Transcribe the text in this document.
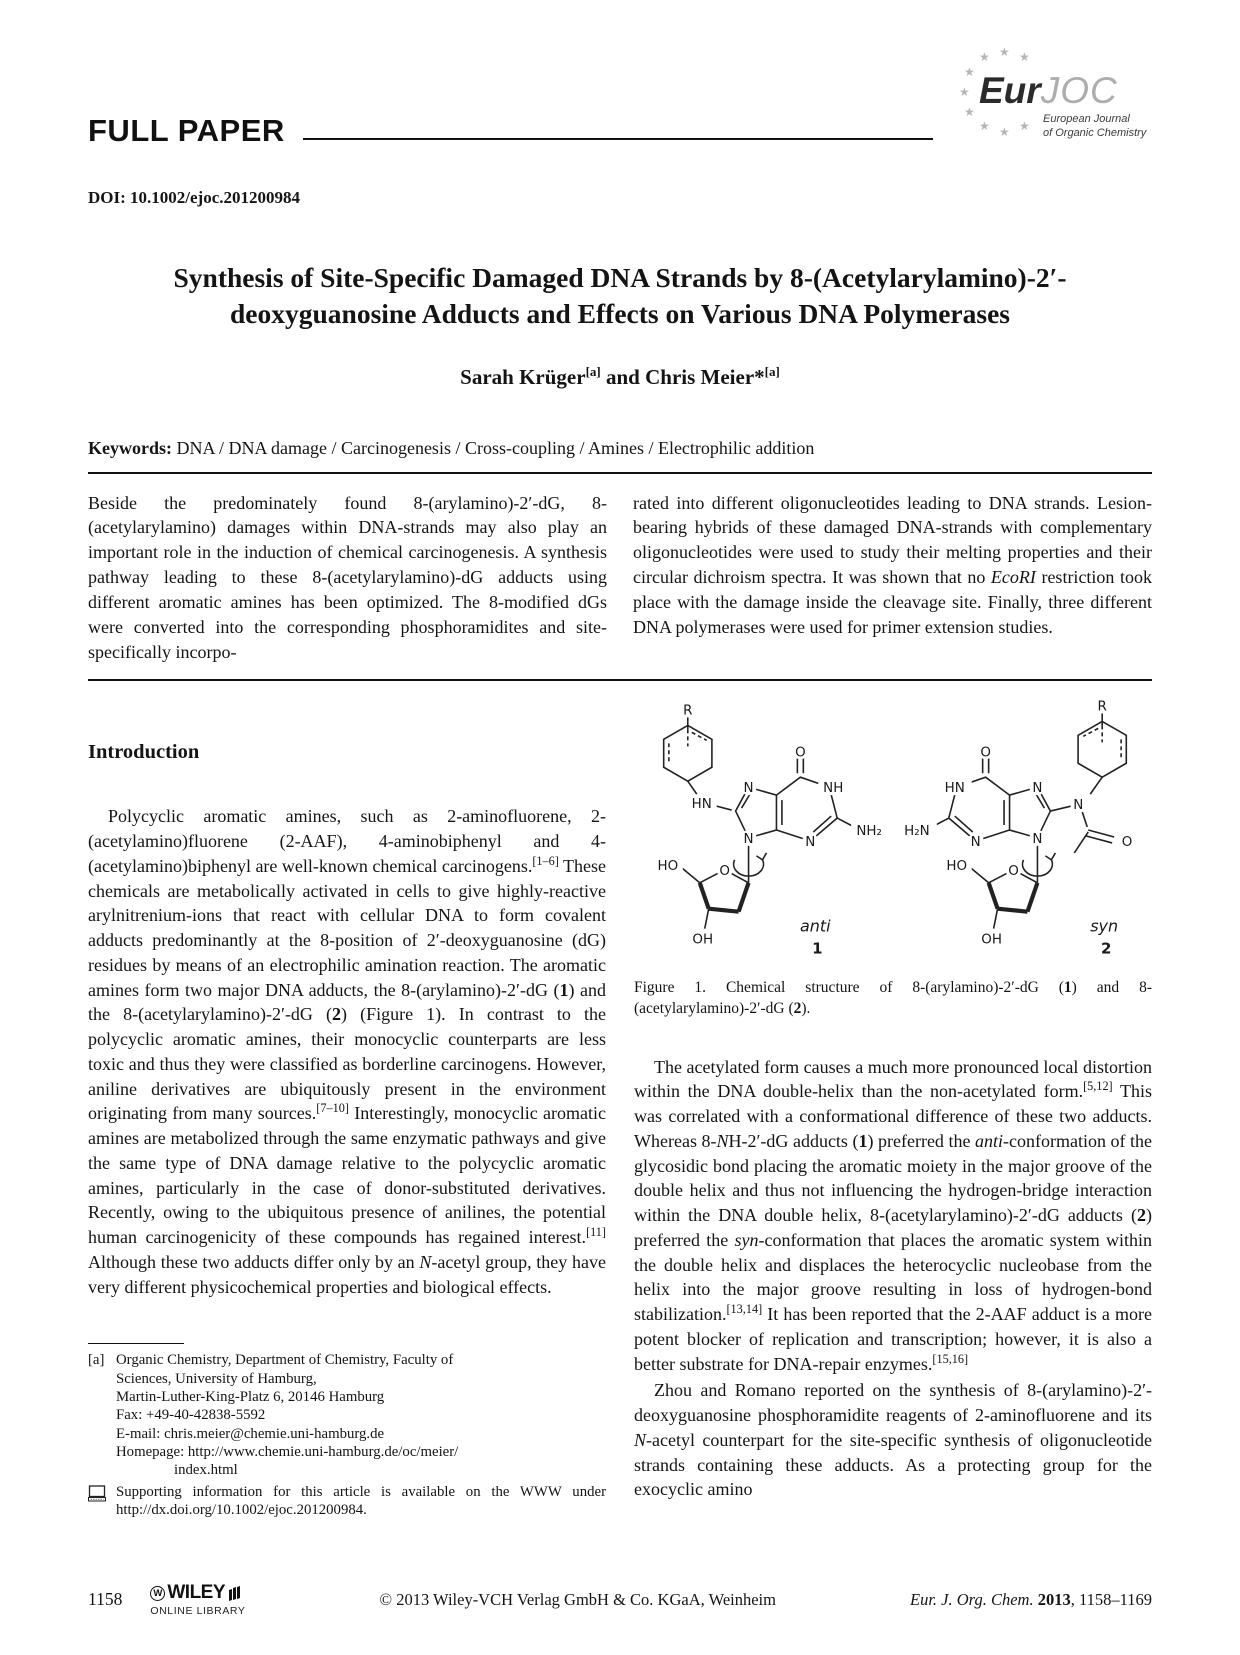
FULL PAPER
★
★
★
★
★
★
★ ★ ★
EurJOC
European Journal
of Organic Chemistry
DOI: 10.1002/ejoc.201200984
Synthesis of Site-Specific Damaged DNA Strands by 8-(Acetylarylamino)-2′-deoxyguanosine Adducts and Effects on Various DNA Polymerases
Sarah Krüger[a] and Chris Meier*[a]
Keywords: DNA / DNA damage / Carcinogenesis / Cross-coupling / Amines / Electrophilic addition
Beside the predominately found 8-(arylamino)-2′-dG, 8-(acetylarylamino) damages within DNA-strands may also play an important role in the induction of chemical carcinogenesis. A synthesis pathway leading to these 8-(acetylarylamino)-dG adducts using different aromatic amines has been optimized. The 8-modified dGs were converted into the corresponding phosphoramidites and site-specifically incorpo-
rated into different oligonucleotides leading to DNA strands. Lesion-bearing hybrids of these damaged DNA-strands with complementary oligonucleotides were used to study their melting properties and their circular dichroism spectra. It was shown that no EcoRI restriction took place with the damage inside the cleavage site. Finally, three different DNA polymerases were used for primer extension studies.
Introduction
Polycyclic aromatic amines, such as 2-aminofluorene, 2-(acetylamino)fluorene (2-AAF), 4-aminobiphenyl and 4-(acetylamino)biphenyl are well-known chemical carcinogens.[1–6] These chemicals are metabolically activated in cells to give highly-reactive arylnitrenium-ions that react with cellular DNA to form covalent adducts predominantly at the 8-position of 2′-deoxyguanosine (dG) residues by means of an electrophilic amination reaction. The aromatic amines form two major DNA adducts, the 8-(arylamino)-2′-dG (1) and the 8-(acetylarylamino)-2′-dG (2) (Figure 1). In contrast to the polycyclic aromatic amines, their monocyclic counterparts are less toxic and thus they were classified as borderline carcinogens. However, aniline derivatives are ubiquitously present in the environment originating from many sources.[7–10] Interestingly, monocyclic aromatic amines are metabolized through the same enzymatic pathways and give the same type of DNA damage relative to the polycyclic aromatic amines, particularly in the case of donor-substituted derivatives. Recently, owing to the ubiquitous presence of anilines, the potential human carcinogenicity of these compounds has regained interest.[11] Although these two adducts differ only by an N-acetyl group, they have very different physicochemical properties and biological effects.
[a] Organic Chemistry, Department of Chemistry, Faculty of
Sciences, University of Hamburg,
Martin-Luther-King-Platz 6, 20146 Hamburg
Fax: +49-40-42838-5592
E-mail: chris.meier@chemie.uni-hamburg.de
Homepage: http://www.chemie.uni-hamburg.de/oc/meier/
index.html
Supporting information for this article is available on the WWW under http://dx.doi.org/10.1002/ejoc.201200984.
R
HN
N
N
O
NH
NH₂
N
HO	O
OH
anti
1
R
N
N
N
O
HN
H₂N
N	O
HO	O
OH
syn
2
Figure 1. Chemical structure of 8-(arylamino)-2′-dG (1) and 8-(acetylarylamino)-2′-dG (2).
The acetylated form causes a much more pronounced local distortion within the DNA double-helix than the non-acetylated form.[5,12] This was correlated with a conformational difference of these two adducts. Whereas 8-NH-2′-dG adducts (1) preferred the anti-conformation of the glycosidic bond placing the aromatic moiety in the major groove of the double helix and thus not influencing the hydrogen-bridge interaction within the DNA double helix, 8-(acetylarylamino)-2′-dG adducts (2) preferred the syn-conformation that places the aromatic system within the double helix and displaces the heterocyclic nucleobase from the helix into the major groove resulting in loss of hydrogen-bond stabilization.[13,14] It has been reported that the 2-AAF adduct is a more potent blocker of replication and transcription; however, it is also a better substrate for DNA-repair enzymes.[15,16]
Zhou and Romano reported on the synthesis of 8-(arylamino)-2′-deoxyguanosine phosphoramidite reagents of 2-aminofluorene and its N-acetyl counterpart for the site-specific synthesis of oligonucleotide strands containing these adducts. As a protecting group for the exocyclic amino
1158	W WILEY
ONLINE LIBRARY
© 2013 Wiley-VCH Verlag GmbH & Co. KGaA, Weinheim	Eur. J. Org. Chem. 2013, 1158–1169
